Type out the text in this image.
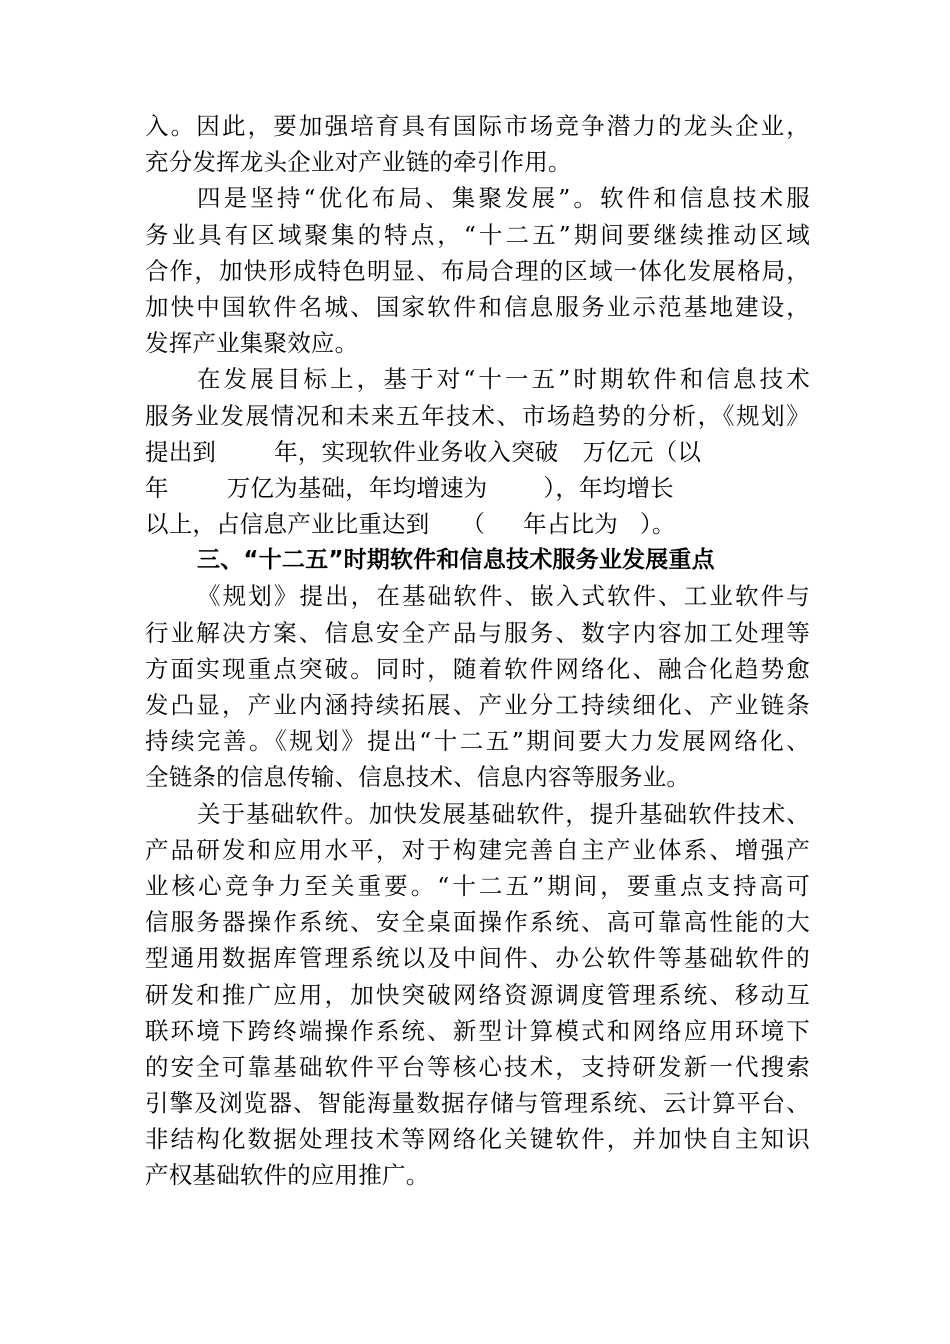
入。因此，要加强培育具有国际市场竞争潜力的龙头企业，
充分发挥龙头企业对产业链的牵引作用。
四是坚持“优化布局、集聚发展”。软件和信息技术服
务业具有区域聚集的特点，“十二五”期间要继续推动区域
合作，加快形成特色明显、布局合理的区域一体化发展格局，
加快中国软件名城、国家软件和信息服务业示范基地建设，
发挥产业集聚效应。
在发展目标上，基于对“十一五”时期软件和信息技术
服务业发展情况和未来五年技术、市场趋势的分析，《规划》
提出到 年，实现软件业务收入突破 万亿元（以
年 万亿为基础，年均增速为 ），年均增长
以上，占信息产业比重达到 （ 年占比为 ）。
三、“十二五”时期软件和信息技术服务业发展重点
《规划》提出，在基础软件、嵌入式软件、工业软件与
行业解决方案、信息安全产品与服务、数字内容加工处理等
方面实现重点突破。同时，随着软件网络化、融合化趋势愈
发凸显，产业内涵持续拓展、产业分工持续细化、产业链条
持续完善。《规划》提出“十二五”期间要大力发展网络化、
全链条的信息传输、信息技术、信息内容等服务业。
关于基础软件。加快发展基础软件，提升基础软件技术、
产品研发和应用水平，对于构建完善自主产业体系、增强产
业核心竞争力至关重要。“十二五”期间，要重点支持高可
信服务器操作系统、安全桌面操作系统、高可靠高性能的大
型通用数据库管理系统以及中间件、办公软件等基础软件的
研发和推广应用，加快突破网络资源调度管理系统、移动互
联环境下跨终端操作系统、新型计算模式和网络应用环境下
的安全可靠基础软件平台等核心技术，支持研发新一代搜索
引擎及浏览器、智能海量数据存储与管理系统、云计算平台、
非结构化数据处理技术等网络化关键软件，并加快自主知识
产权基础软件的应用推广。
